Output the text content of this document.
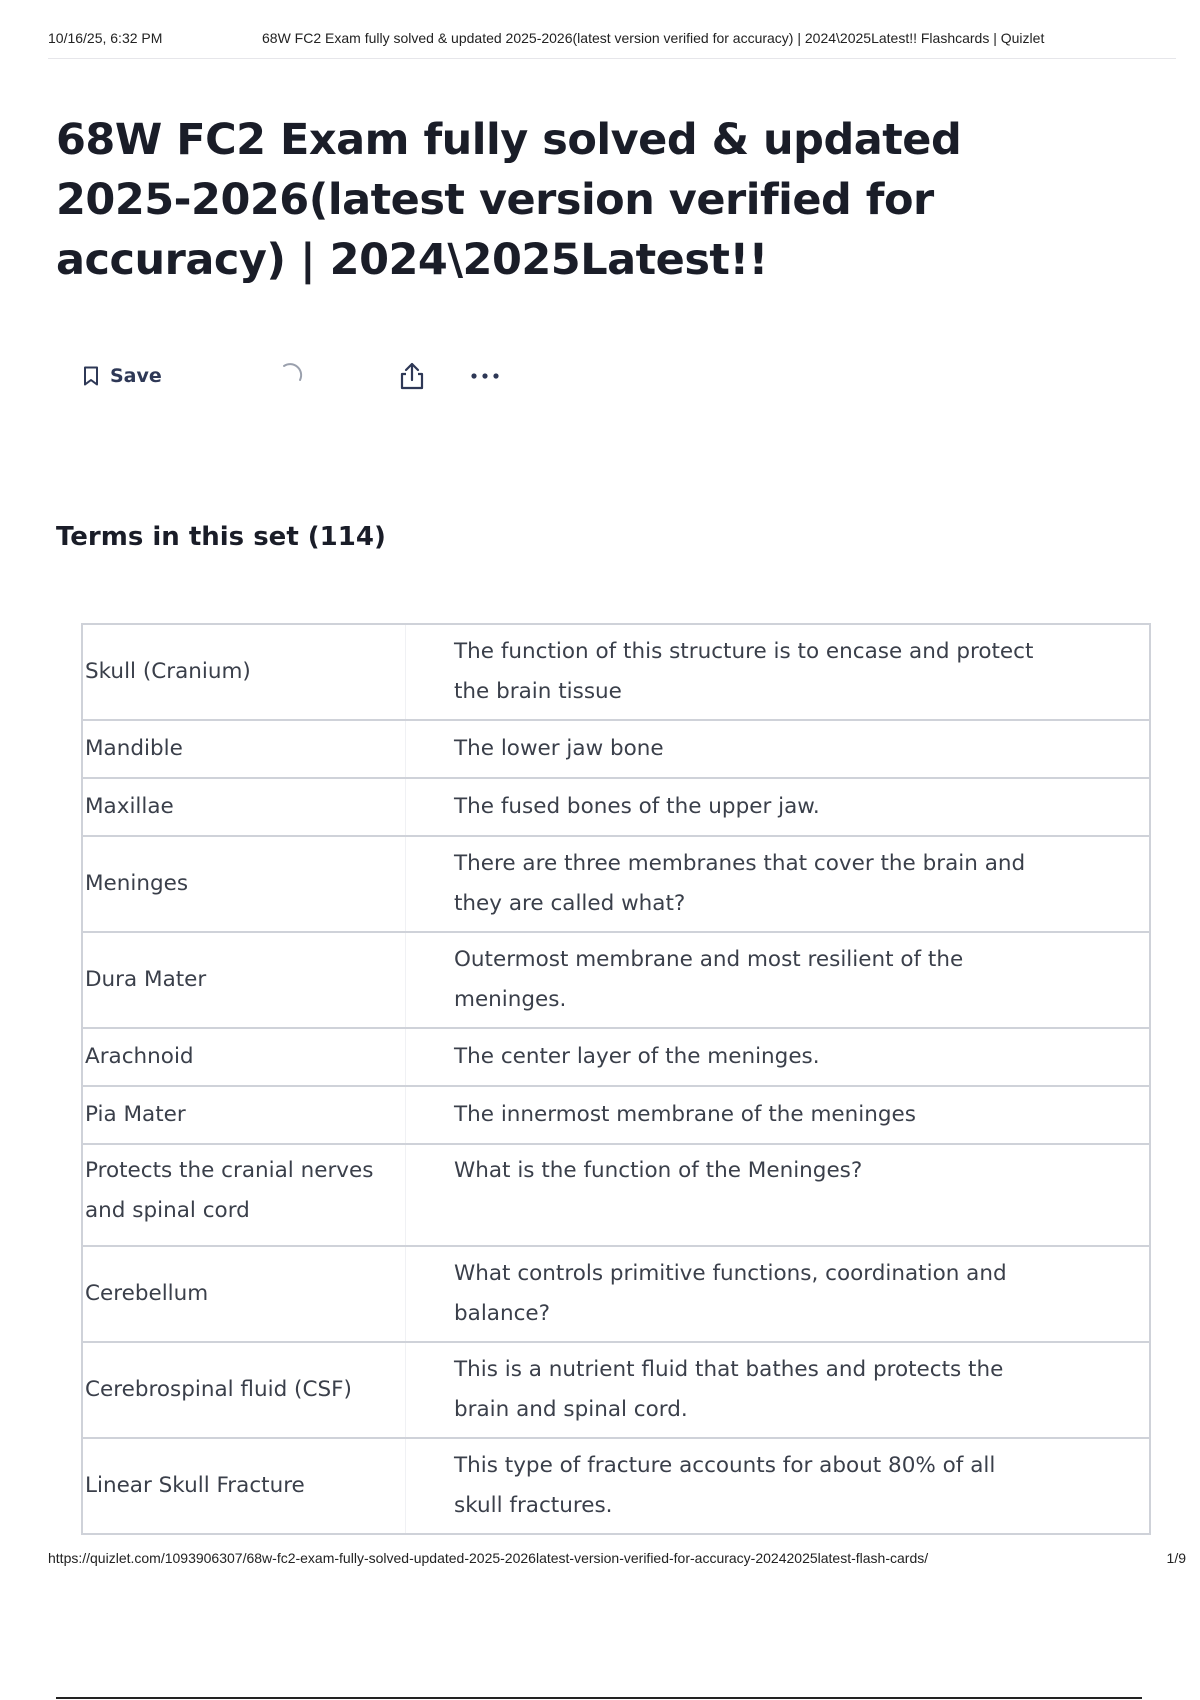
10/16/25, 6:32 PM	68W FC2 Exam fully solved & updated 2025-2026(latest version verified for accuracy) | 2024\2025Latest!! Flashcards | Quizlet
68W FC2 Exam fully solved & updated 2025-2026(latest version verified for accuracy) | 2024\2025Latest!!
Save
Terms in this set (114)
Skull (Cranium)	The function of this structure is to encase and protect the brain tissue
Mandible	The lower jaw bone
Maxillae	The fused bones of the upper jaw.
Meninges	There are three membranes that cover the brain and they are called what?
Dura Mater	Outermost membrane and most resilient of the meninges.
Arachnoid	The center layer of the meninges.
Pia Mater	The innermost membrane of the meninges
Protects the cranial nerves and spinal cord	What is the function of the Meninges?
Cerebellum	What controls primitive functions, coordination and balance?
Cerebrospinal fluid (CSF)	This is a nutrient fluid that bathes and protects the brain and spinal cord.
Linear Skull Fracture	This type of fracture accounts for about 80% of all skull fractures.
https://quizlet.com/1093906307/68w-fc2-exam-fully-solved-updated-2025-2026latest-version-verified-for-accuracy-20242025latest-flash-cards/	1/9
